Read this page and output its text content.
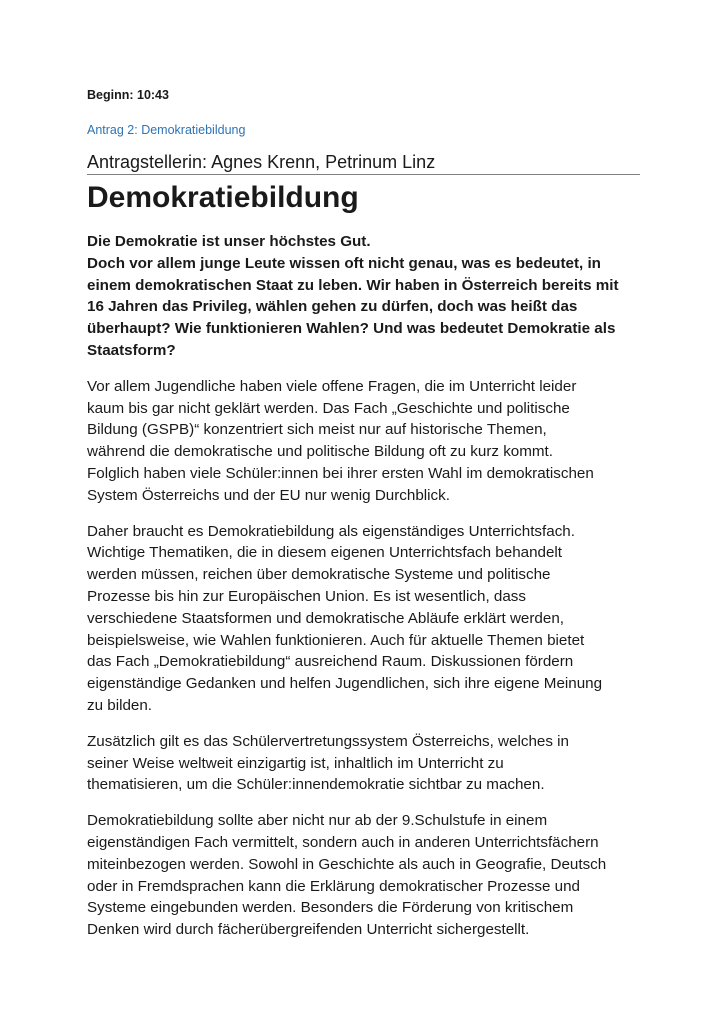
Beginn: 10:43

Antrag 2: Demokratiebildung

Antragstellerin: Agnes Krenn, Petrinum Linz

Demokratiebildung

Die Demokratie ist unser höchstes Gut.
Doch vor allem junge Leute wissen oft nicht genau, was es bedeutet, in
einem demokratischen Staat zu leben. Wir haben in Österreich bereits mit
16 Jahren das Privileg, wählen gehen zu dürfen, doch was heißt das
überhaupt? Wie funktionieren Wahlen? Und was bedeutet Demokratie als
Staatsform?

Vor allem Jugendliche haben viele offene Fragen, die im Unterricht leider
kaum bis gar nicht geklärt werden. Das Fach „Geschichte und politische
Bildung (GSPB)“ konzentriert sich meist nur auf historische Themen,
während die demokratische und politische Bildung oft zu kurz kommt.
Folglich haben viele Schüler:innen bei ihrer ersten Wahl im demokratischen
System Österreichs und der EU nur wenig Durchblick.

Daher braucht es Demokratiebildung als eigenständiges Unterrichtsfach.
Wichtige Thematiken, die in diesem eigenen Unterrichtsfach behandelt
werden müssen, reichen über demokratische Systeme und politische
Prozesse bis hin zur Europäischen Union. Es ist wesentlich, dass
verschiedene Staatsformen und demokratische Abläufe erklärt werden,
beispielsweise, wie Wahlen funktionieren. Auch für aktuelle Themen bietet
das Fach „Demokratiebildung“ ausreichend Raum. Diskussionen fördern
eigenständige Gedanken und helfen Jugendlichen, sich ihre eigene Meinung
zu bilden.

Zusätzlich gilt es das Schülervertretungssystem Österreichs, welches in
seiner Weise weltweit einzigartig ist, inhaltlich im Unterricht zu
thematisieren, um die Schüler:innendemokratie sichtbar zu machen.

Demokratiebildung sollte aber nicht nur ab der 9.Schulstufe in einem
eigenständigen Fach vermittelt, sondern auch in anderen Unterrichtsfächern
miteinbezogen werden. Sowohl in Geschichte als auch in Geografie, Deutsch
oder in Fremdsprachen kann die Erklärung demokratischer Prozesse und
Systeme eingebunden werden. Besonders die Förderung von kritischem
Denken wird durch fächerübergreifenden Unterricht sichergestellt.
